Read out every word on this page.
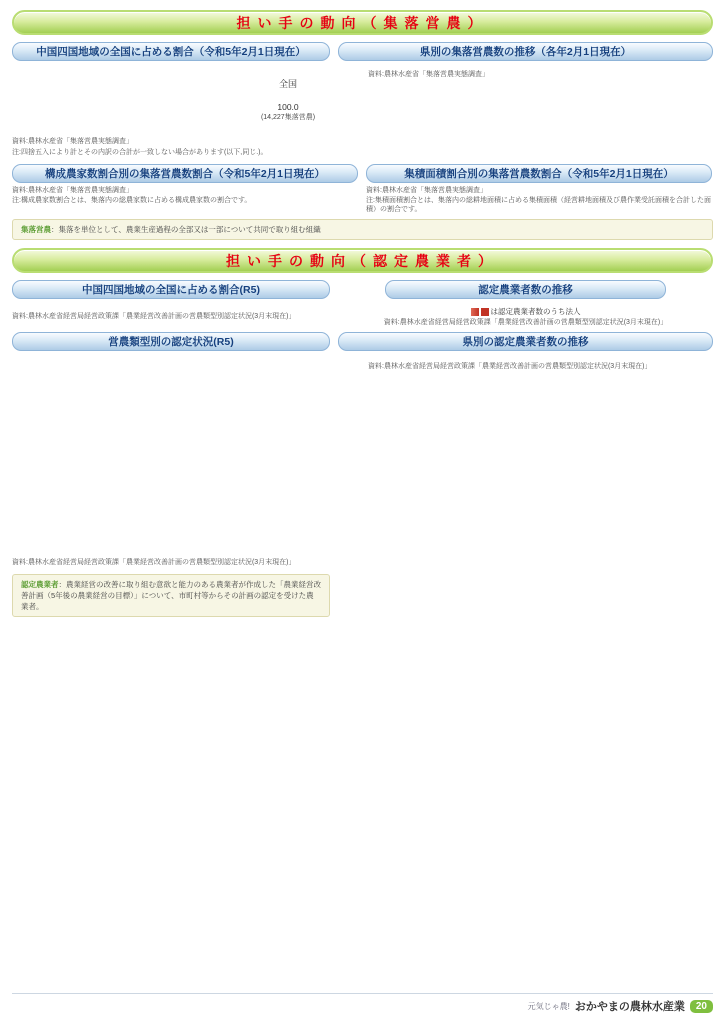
担い手の動向（集落営農）
中国四国地域の全国に占める割合（令和5年2月1日現在）
全国
100.0
(14,227集落営農)
資料:農林水産省「集落営農実態調査」
注:四捨五入により計とその内訳の合計が一致しない場合があります(以下,同じ.)。
県別の集落営農数の推移（各年2月1日現在）
資料:農林水産省「集落営農実態調査」
構成農家数割合別の集落営農数割合（令和5年2月1日現在）
資料:農林水産省「集落営農実態調査」
注:構成農家数割合とは、集落内の総農家数に占める構成農家数の割合です。
集積面積割合別の集落営農数割合（令和5年2月1日現在）
資料:農林水産省「集落営農実態調査」
注:集積面積割合とは、集落内の総耕地面積に占める集積面積（経営耕地面積及び農作業受託面積を合計した面積）の割合です。
集落営農：集落を単位として、農業生産過程の全部又は一部について共同で取り組む組織
担い手の動向（認定農業者）
中国四国地域の全国に占める割合(R5)
資料:農林水産省経営局経営政策課「農業経営改善計画の営農類型別認定状況(3月末現在)」
認定農業者数の推移
は認定農業者数のうち法人
資料:農林水産省経営局経営政策課「農業経営改善計画の営農類型別認定状況(3月末現在)」
営農類型別の認定状況(R5)
資料:農林水産省経営局経営政策課「農業経営改善計画の営農類型別認定状況(3月末現在)」
認定農業者：農業経営の改善に取り組む意欲と能力のある農業者が作成した「農業経営改善計画（5年後の農業経営の目標）」について、市町村等からその計画の認定を受けた農業者。
県別の認定農業者数の推移
資料:農林水産省経営局経営政策課「農業経営改善計画の営農類型別認定状況(3月末現在)」
元気じゃ農! おかやまの農林水産業	20
